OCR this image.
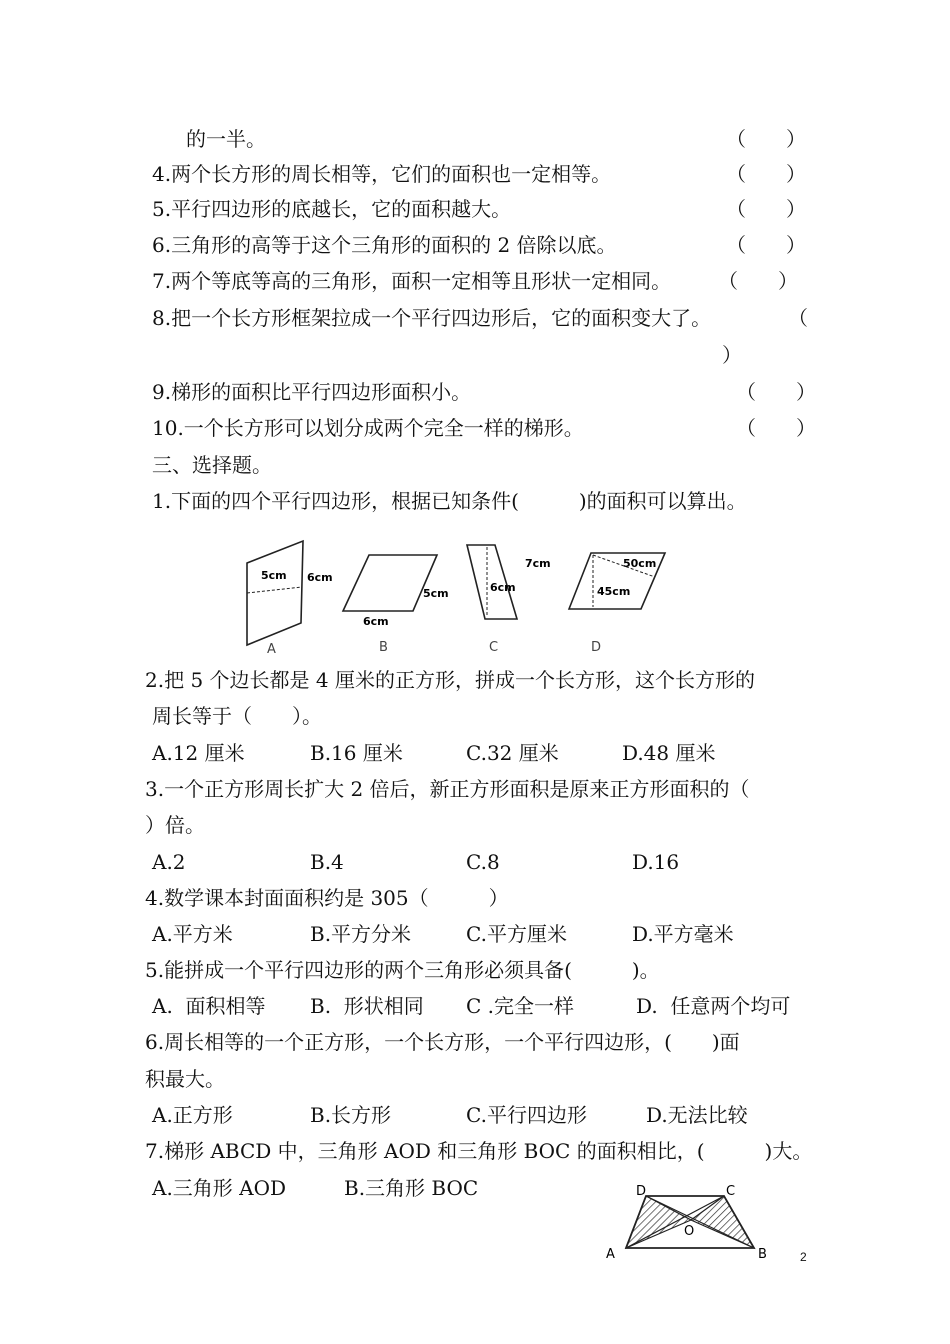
的一半。	（　　）
4.两个长方形的周长相等，它们的面积也一定相等。	（　　）
5.平行四边形的底越长，它的面积越大。	（　　）
6.三角形的高等于这个三角形的面积的 2 倍除以底。	（　　）
7.两个等底等高的三角形，面积一定相等且形状一定相同。 （　　）
8.把一个长方形框架拉成一个平行四边形后，它的面积变大了。	（
）
9.梯形的面积比平行四边形面积小。	（　　）
10.一个长方形可以划分成两个完全一样的梯形。	（　　）
三、选择题。
1.下面的四个平行四边形，根据已知条件(　　　)的面积可以算出。
5cm 6cm
A
5cm
6cm
B
7cm
6cm
C
50cm
45cm
D
2.把 5 个边长都是 4 厘米的正方形，拼成一个长方形，这个长方形的
周长等于（　　）。
A.12 厘米	B.16 厘米	C.32 厘米	D.48 厘米
3.一个正方形周长扩大 2 倍后，新正方形面积是原来正方形面积的（
）倍。
A.2	B.4	C.8	D.16
4.数学课本封面面积约是 305（　　　）
A.平方米	B.平方分米	C.平方厘米	D.平方毫米
5.能拼成一个平行四边形的两个三角形必须具备(　　　)。
A.  面积相等 B.  形状相同 C .完全一样	D.  任意两个均可
6.周长相等的一个正方形，一个长方形，一个平行四边形，(　　)面
积最大。
A.正方形	B.长方形	C.平行四边形	D.无法比较
7.梯形 ABCD 中，三角形 AOD 和三角形 BOC 的面积相比，(　　　)大。
A.三角形 AOD	B.三角形 BOC
A	B
C
D
O
2
